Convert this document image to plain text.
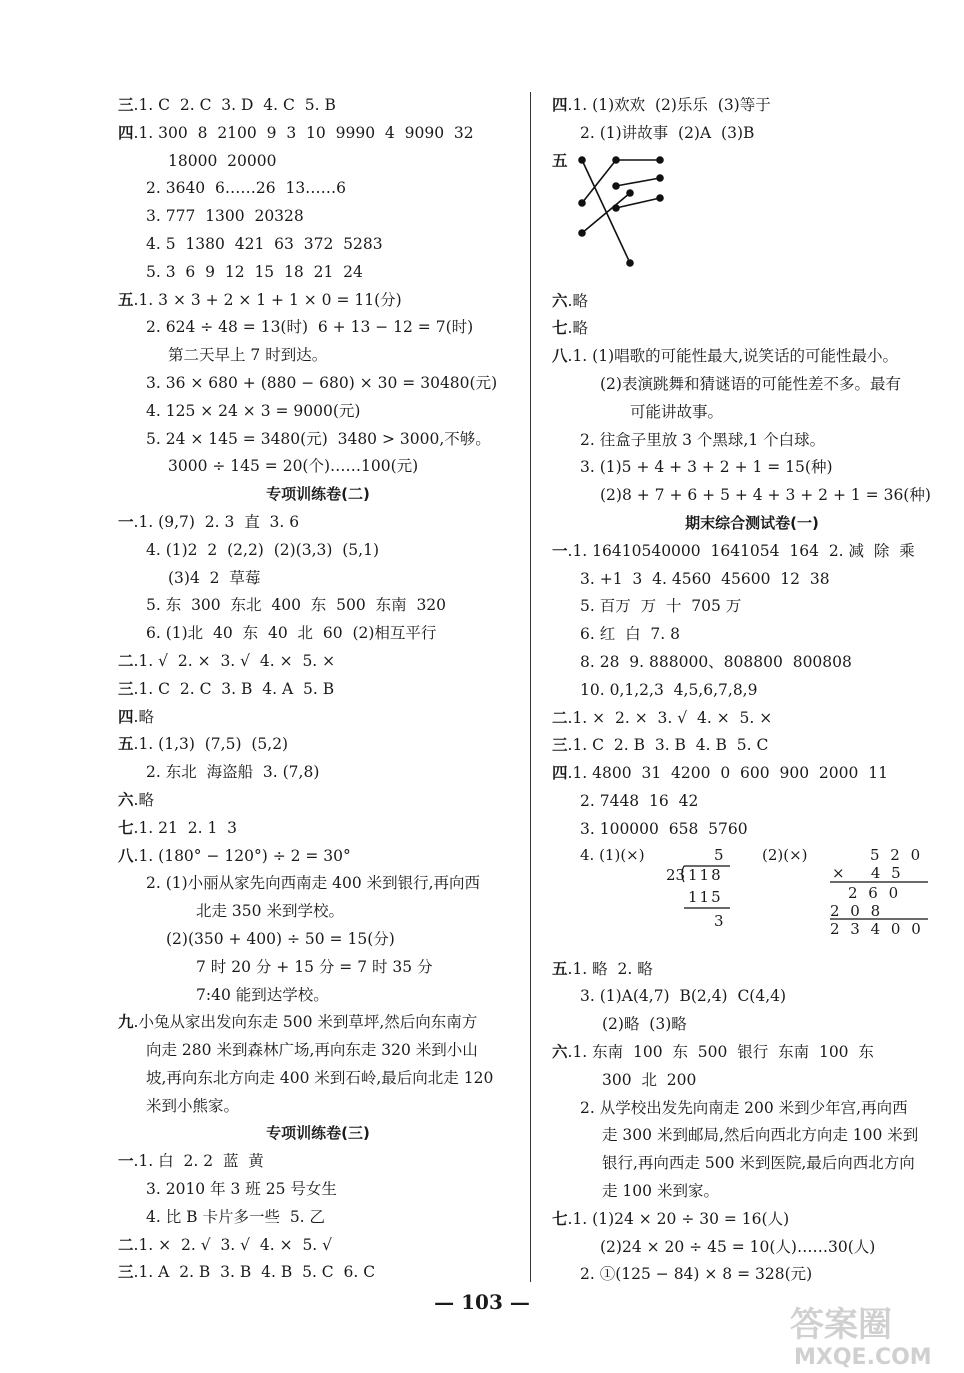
三.1. C  2. C  3. D  4. C  5. B
四.1. 300  8  2100  9  3  10  9990  4  9090  32
18000  20000
2. 3640  6……26  13……6
3. 777  1300  20328
4. 5  1380  421  63  372  5283
5. 3  6  9  12  15  18  21  24
五.1. 3 × 3 + 2 × 1 + 1 × 0 = 11(分)
2. 624 ÷ 48 = 13(时)  6 + 13 − 12 = 7(时)
第二天早上 7 时到达。
3. 36 × 680 + (880 − 680) × 30 = 30480(元)
4. 125 × 24 × 3 = 9000(元)
5. 24 × 145 = 3480(元)  3480 > 3000,不够。
3000 ÷ 145 = 20(个)……100(元)
专项训练卷(二)
一.1. (9,7)  2. 3  直  3. 6
4. (1)2  2  (2,2)  (2)(3,3)  (5,1)
(3)4  2  草莓
5. 东  300  东北  400  东  500  东南  320
6. (1)北  40  东  40  北  60  (2)相互平行
二.1. √  2. ×  3. √  4. ×  5. ×
三.1. C  2. C  3. B  4. A  5. B
四.略
五.1. (1,3)  (7,5)  (5,2)
2. 东北  海盗船  3. (7,8)
六.略
七.1. 21  2. 1  3
八.1. (180° − 120°) ÷ 2 = 30°
2. (1)小丽从家先向西南走 400 米到银行,再向西
北走 350 米到学校。
(2)(350 + 400) ÷ 50 = 15(分)
7 时 20 分 + 15 分 = 7 时 35 分
7:40 能到达学校。
九.小兔从家出发向东走 500 米到草坪,然后向东南方
向走 280 米到森林广场,再向东走 320 米到小山
坡,再向东北方向走 400 米到石岭,最后向北走 120
米到小熊家。
专项训练卷(三)
一.1. 白  2. 2  蓝  黄
3. 2010 年 3 班 25 号女生
4. 比 B 卡片多一些  5. 乙
二.1. ×  2. √  3. √  4. ×  5. √
三.1. A  2. B  3. B  4. B  5. C  6. C
四.1. (1)欢欢  (2)乐乐  (3)等于
2. (1)讲故事  (2)A  (3)B
五
六.略
七.略
八.1. (1)唱歌的可能性最大,说笑话的可能性最小。
(2)表演跳舞和猜谜语的可能性差不多。最有
可能讲故事。
2. 往盒子里放 3 个黑球,1 个白球。
3. (1)5 + 4 + 3 + 2 + 1 = 15(种)
(2)8 + 7 + 6 + 5 + 4 + 3 + 2 + 1 = 36(种)
期末综合测试卷(一)
一.1. 16410540000  1641054  164  2. 减  除  乘
3. +1  3  4. 4560  45600  12  38
5. 百万  万  十  705 万
6. 红  白  7. 8
8. 28  9. 888000、808800  800808
10. 0,1,2,3  4,5,6,7,8,9
二.1. ×  2. ×  3. √  4. ×  5. ×
三.1. C  2. B  3. B  4. B  5. C
四.1. 4800  31  4200  0  600  900  2000  11
2. 7448  16  42
3. 100000  658  5760
4. (1)(×)	5
23 118
115
3
(2)(×)	5 2 0
×   4 5
2 6 0
2 0 8
2 3 4 0 0
五.1. 略  2. 略
3. (1)A(4,7)  B(2,4)  C(4,4)
(2)略  (3)略
六.1. 东南  100  东  500  银行  东南  100  东
300  北  200
2. 从学校出发先向南走 200 米到少年宫,再向西
走 300 米到邮局,然后向西北方向走 100 米到
银行,再向西走 500 米到医院,最后向西北方向
走 100 米到家。
七.1. (1)24 × 20 ÷ 30 = 16(人)
(2)24 × 20 ÷ 45 = 10(人)……30(人)
2. ①(125 − 84) × 8 = 328(元)
— 103 —
答案圈
MXQE.COM
